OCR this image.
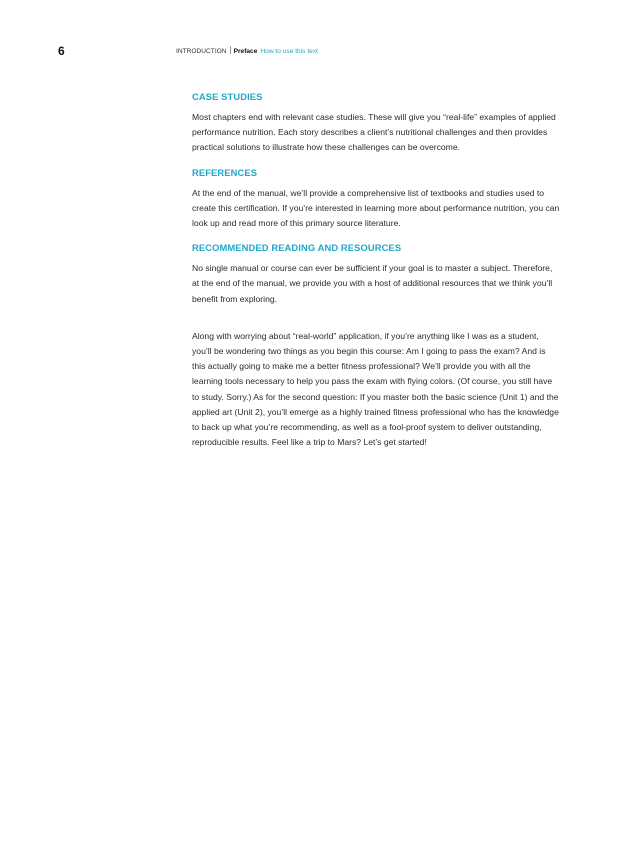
6	INTRODUCTION Preface How to use this text
CASE STUDIES

Most chapters end with relevant case studies. These will give you “real-life” examples of applied performance nutrition. Each story describes a client’s nutritional challenges and then provides practical solutions to illustrate how these challenges can be overcome.

REFERENCES

At the end of the manual, we’ll provide a comprehensive list of textbooks and studies used to create this certification. If you’re interested in learning more about performance nutrition, you can look up and read more of this primary source literature.

RECOMMENDED READING AND RESOURCES

No single manual or course can ever be sufficient if your goal is to master a subject. Therefore, at the end of the manual, we provide you with a host of additional resources that we think you’ll benefit from exploring.

Along with worrying about “real-world” application, if you’re anything like I was as a student, you’ll be wondering two things as you begin this course: Am I going to pass the exam? And is this actually going to make me a better fitness professional? We’ll provide you with all the learning tools necessary to help you pass the exam with flying colors. (Of course, you still have to study. Sorry.) As for the second question: If you master both the basic science (Unit 1) and the applied art (Unit 2), you’ll emerge as a highly trained fitness professional who has the knowledge to back up what you’re recommending, as well as a fool-proof system to deliver outstanding, reproducible results. Feel like a trip to Mars? Let’s get started!
